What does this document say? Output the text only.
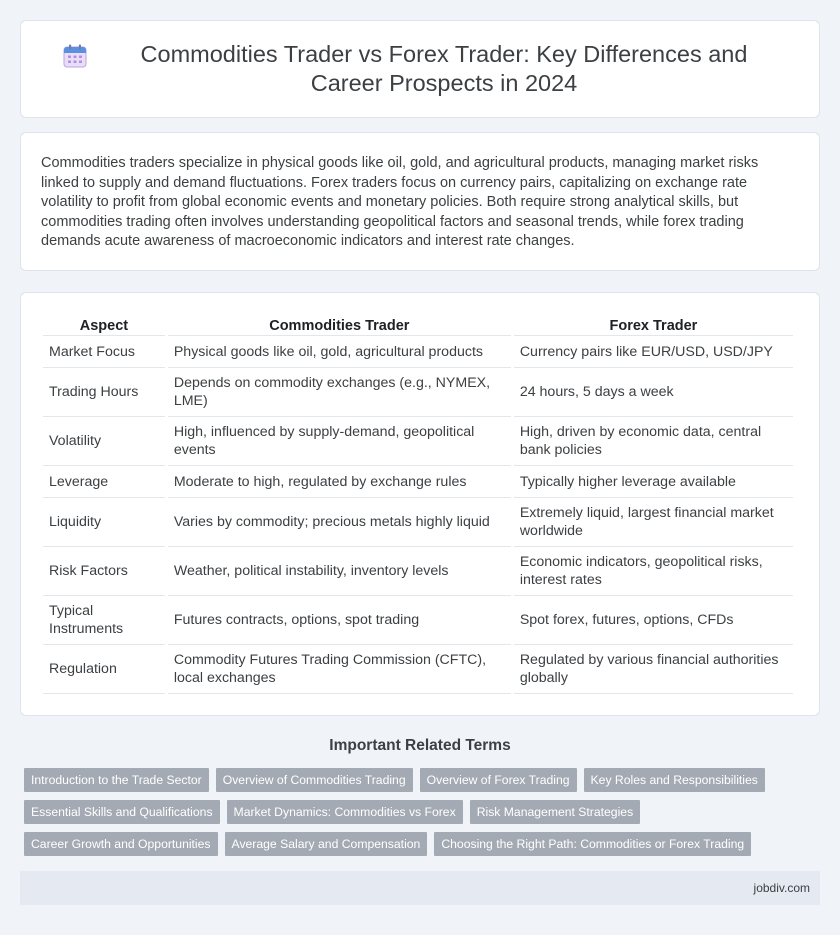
Commodities Trader vs Forex Trader: Key Differences and Career Prospects in 2024

Commodities traders specialize in physical goods like oil, gold, and agricultural products, managing market risks linked to supply and demand fluctuations. Forex traders focus on currency pairs, capitalizing on exchange rate volatility to profit from global economic events and monetary policies. Both require strong analytical skills, but commodities trading often involves understanding geopolitical factors and seasonal trends, while forex trading demands acute awareness of macroeconomic indicators and interest rate changes.

Aspect	Commodities Trader	Forex Trader
Market Focus	Physical goods like oil, gold, agricultural products	Currency pairs like EUR/USD, USD/JPY
Trading Hours	Depends on commodity exchanges (e.g., NYMEX, LME)	24 hours, 5 days a week
Volatility	High, influenced by supply-demand, geopolitical events	High, driven by economic data, central bank policies
Leverage	Moderate to high, regulated by exchange rules	Typically higher leverage available
Liquidity	Varies by commodity; precious metals highly liquid	Extremely liquid, largest financial market worldwide
Risk Factors	Weather, political instability, inventory levels	Economic indicators, geopolitical risks, interest rates
Typical Instruments	Futures contracts, options, spot trading	Spot forex, futures, options, CFDs
Regulation	Commodity Futures Trading Commission (CFTC), local exchanges	Regulated by various financial authorities globally
Important Related Terms
Introduction to the Trade Sector	Overview of Commodities Trading	Overview of Forex Trading	Key Roles and Responsibilities
Essential Skills and Qualifications	Market Dynamics: Commodities vs Forex	Risk Management Strategies
Career Growth and Opportunities	Average Salary and Compensation	Choosing the Right Path: Commodities or Forex Trading
jobdiv.com
